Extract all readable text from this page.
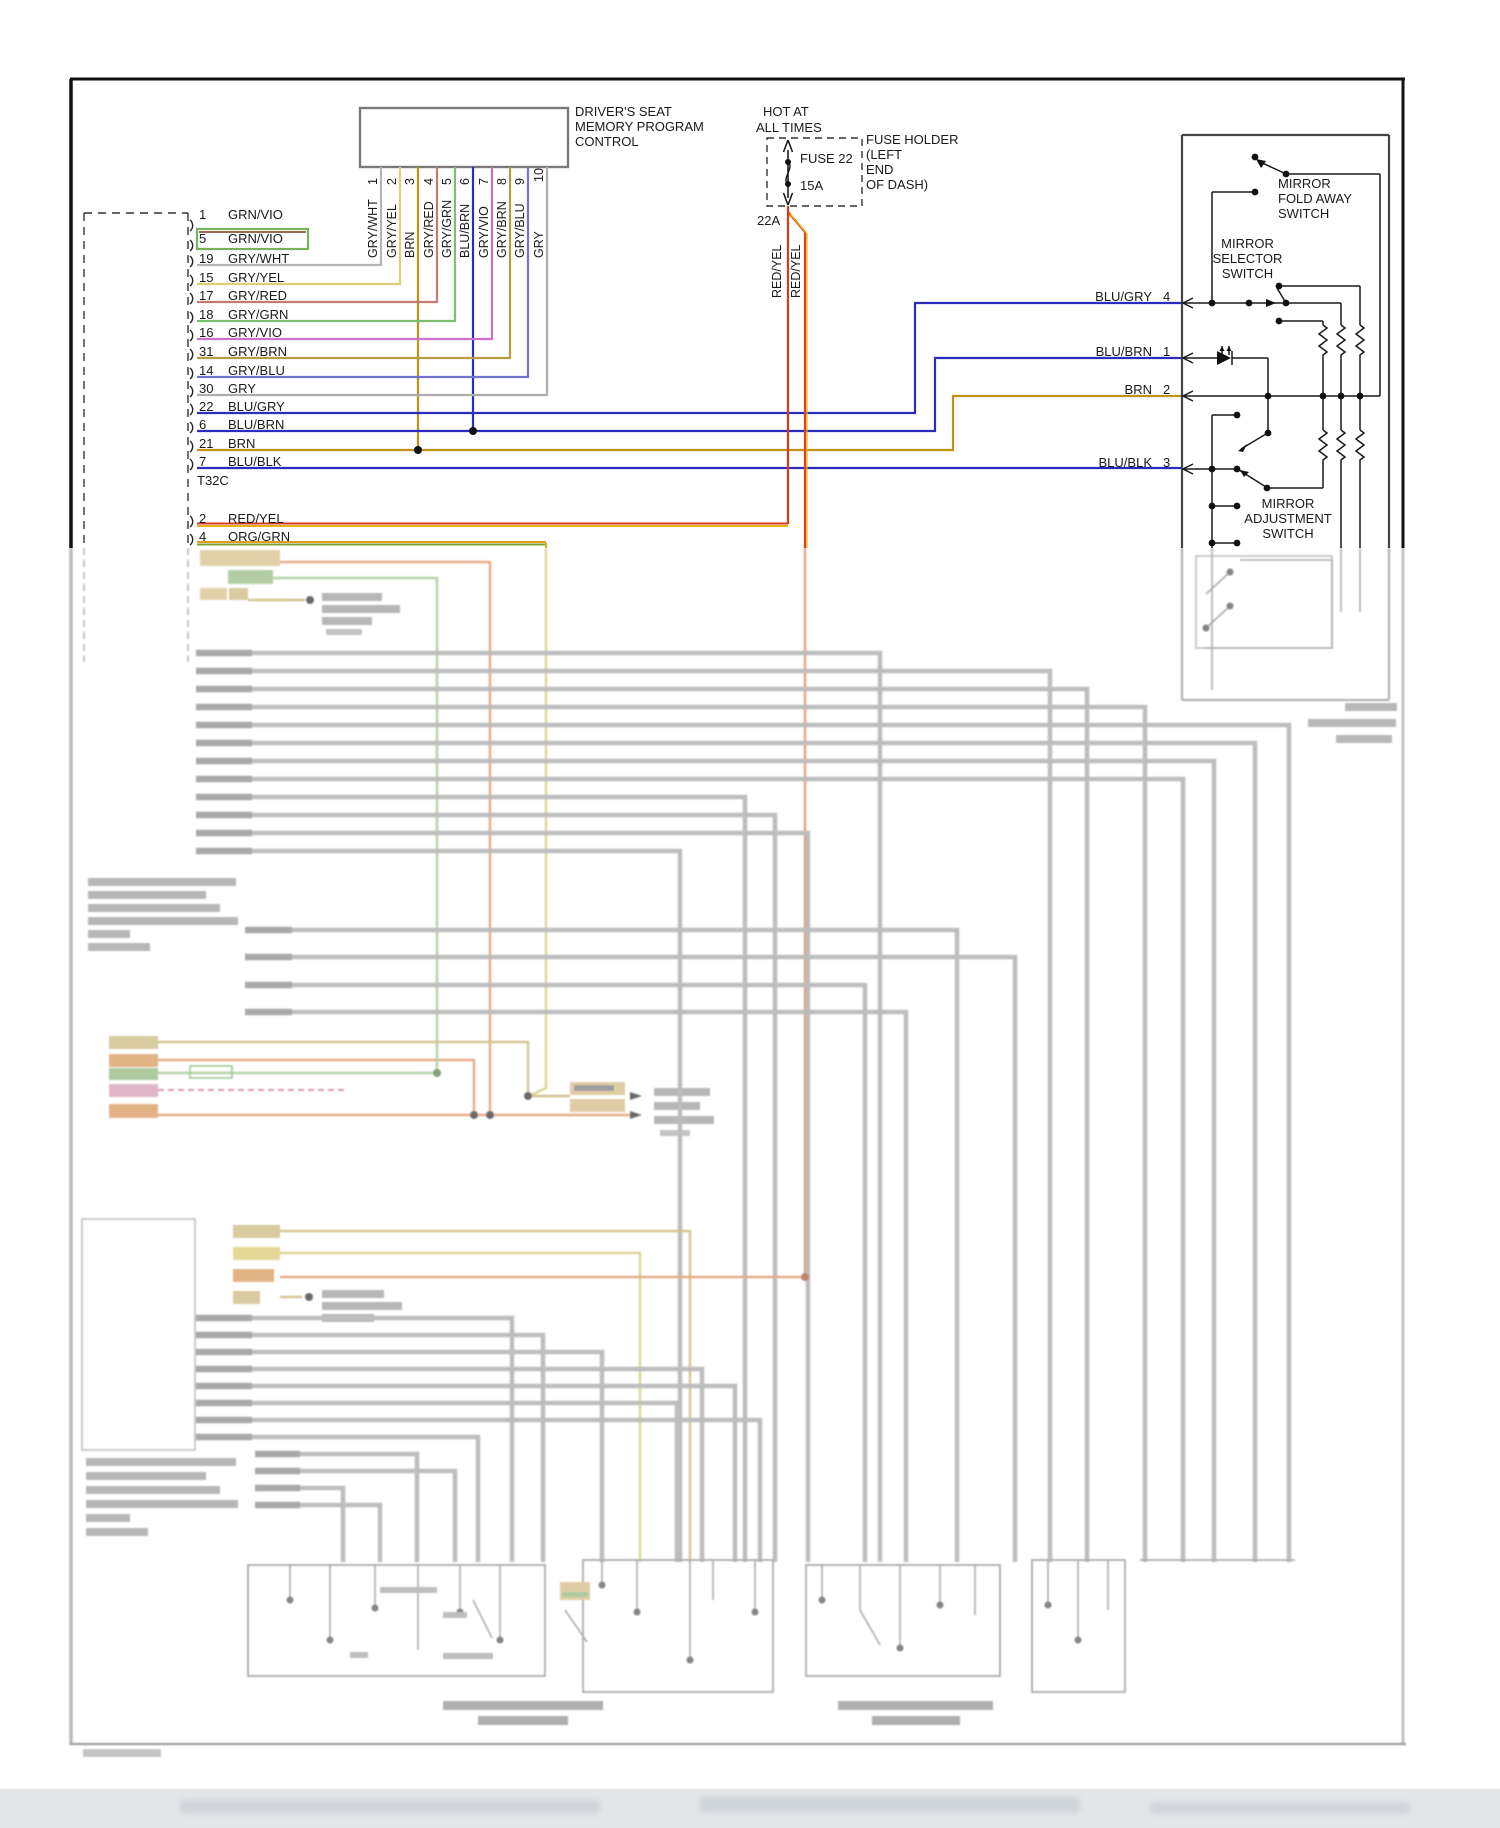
DRIVER'S SEAT
MEMORY PROGRAM
CONTROL
1
GRY/WHT
2
GRY/YEL
3
BRN
4
GRY/RED
5
GRY/GRN
6
BLU/BRN
7
GRY/VIO
8
GRY/BRN
9
GRY/BLU
10
GRY
1	GRN/VIO
5	GRN/VIO
19	GRY/WHT
15	GRY/YEL
17	GRY/RED
18	GRY/GRN
16	GRY/VIO
31	GRY/BRN
14	GRY/BLU
30	GRY
22	BLU/GRY
6	BLU/BRN
21	BRN
7	BLU/BLK
T32C
2	RED/YEL
4	ORG/GRN
HOT AT
ALL TIMES
FUSE 22
15A
22A
FUSE HOLDER
(LEFT
END
OF DASH)
RED/YEL RED/YEL	BLU/GRY 4
BLU/BRN 1
BRN 2
BLU/BLK 3
MIRROR
FOLD AWAY
SWITCH
MIRROR
SELECTOR
SWITCH
MIRROR
ADJUSTMENT
SWITCH
